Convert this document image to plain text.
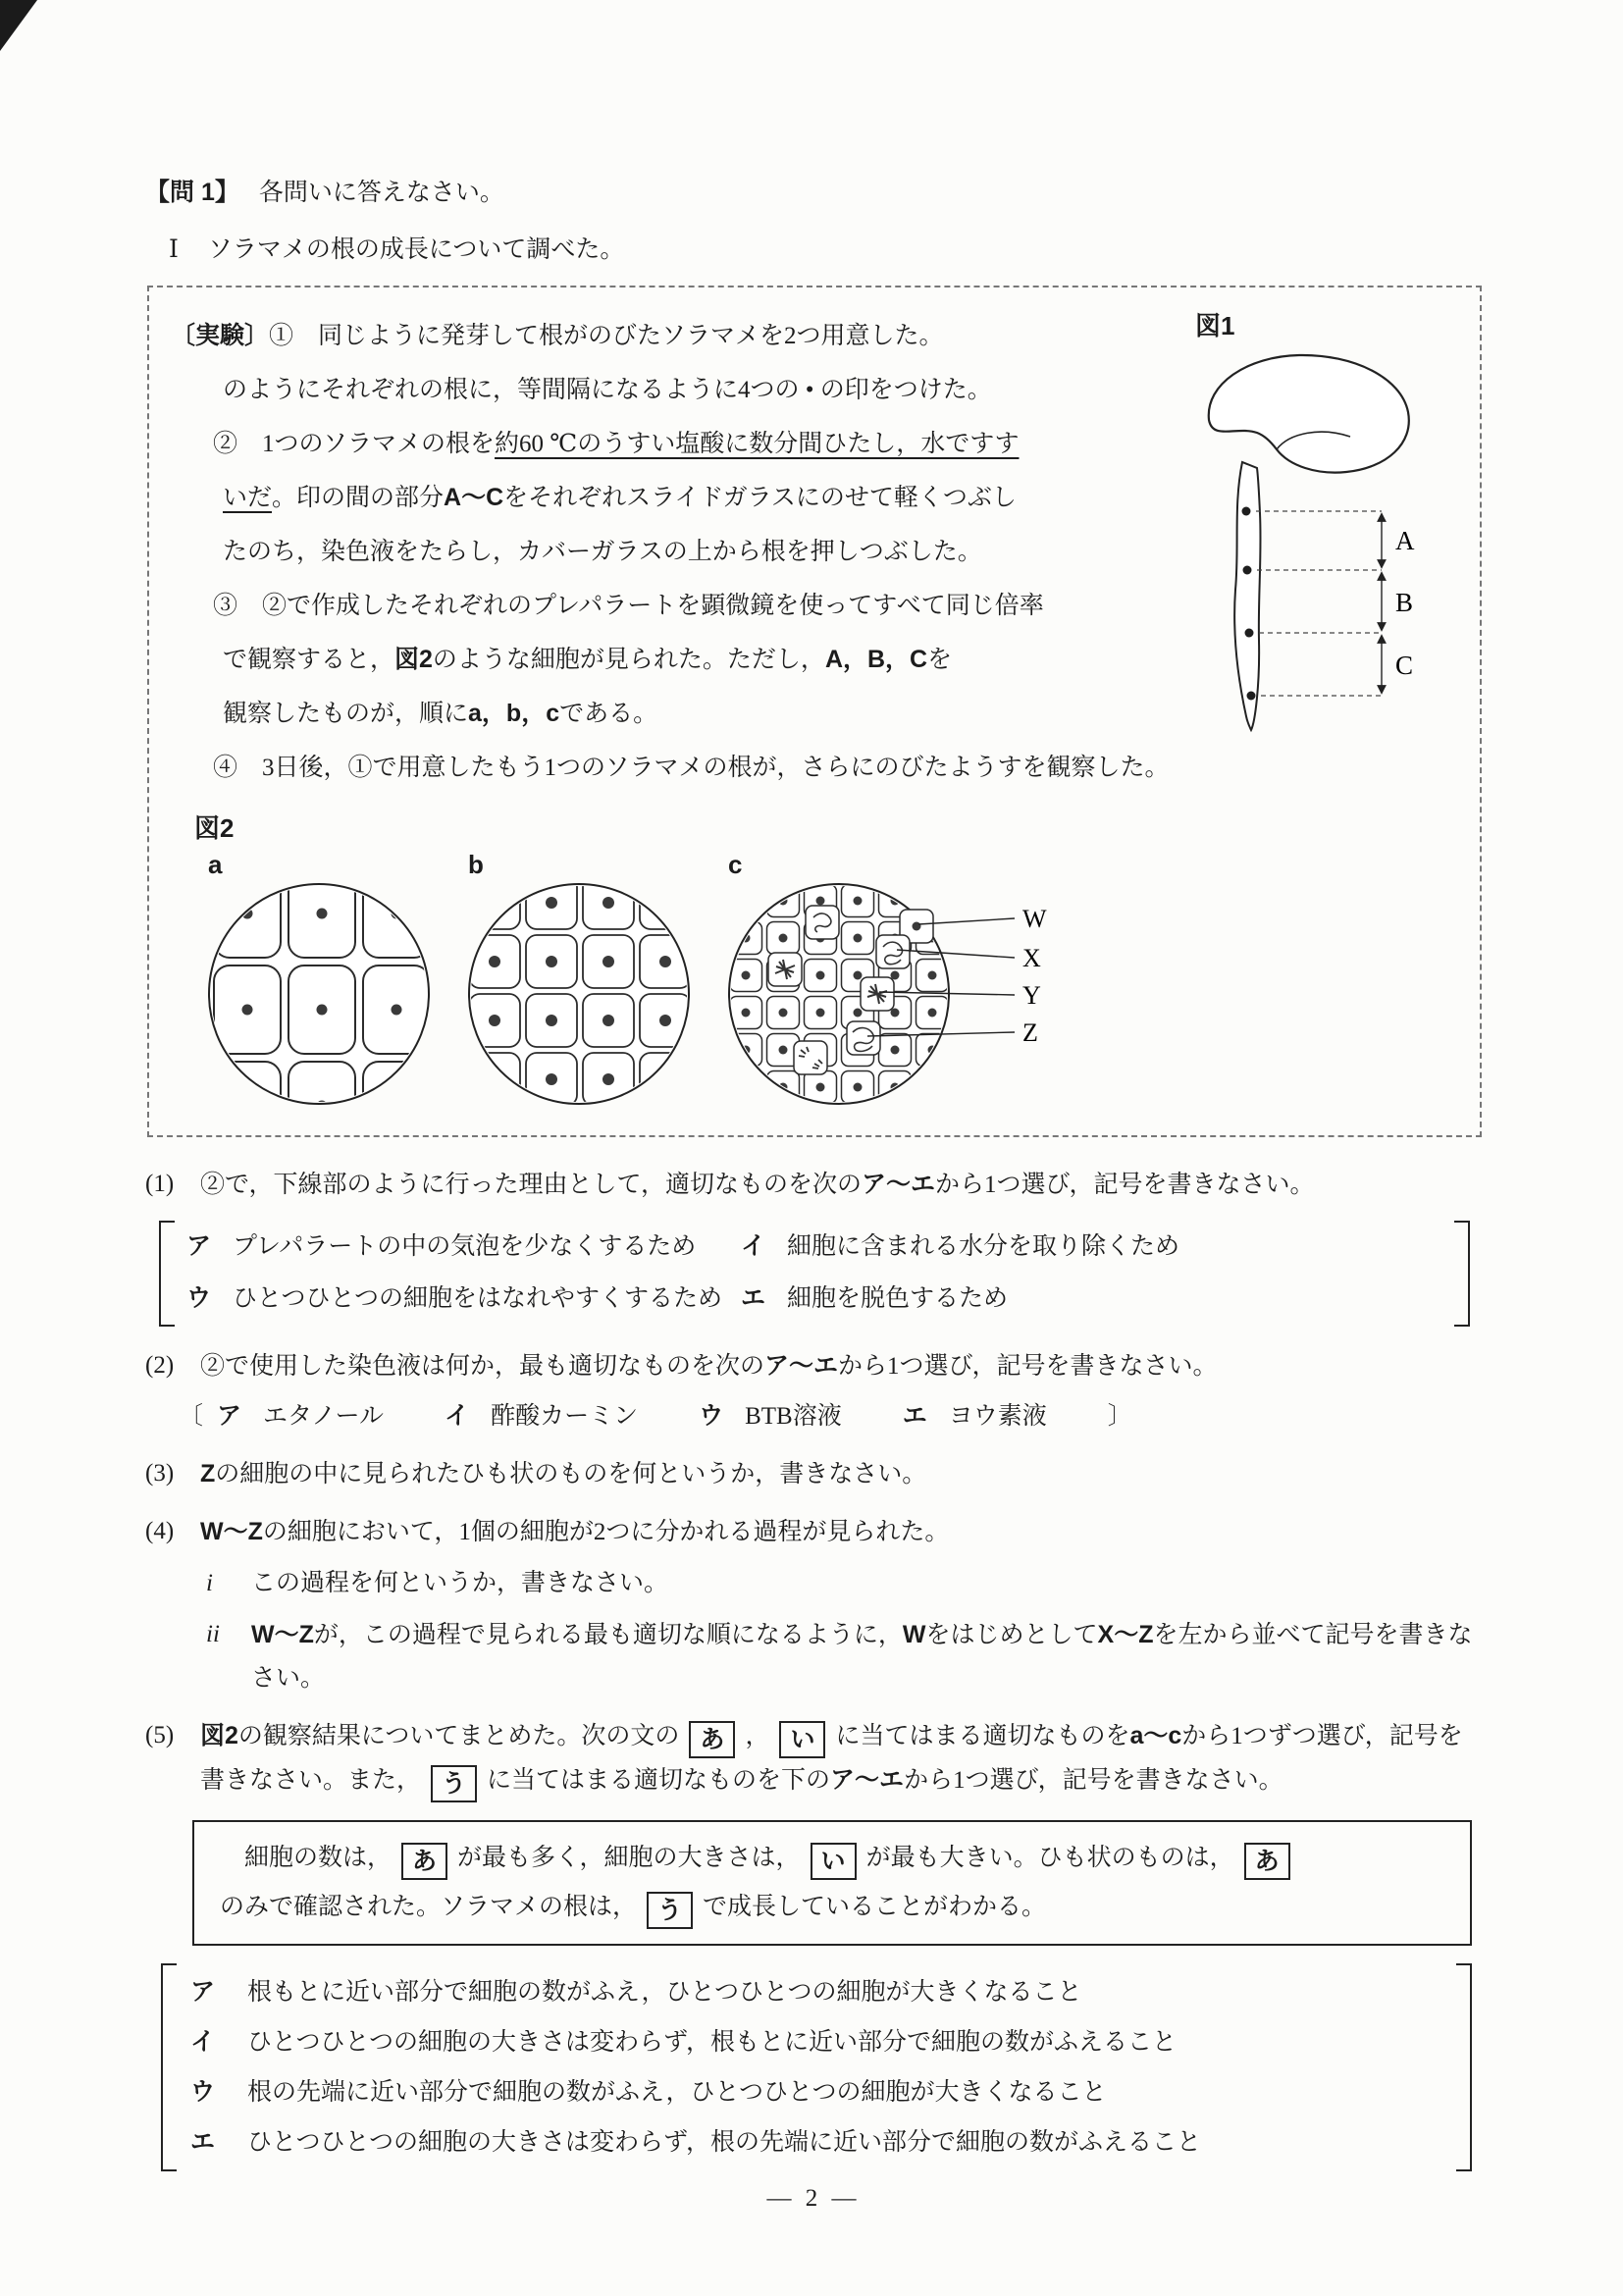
【問 1】 各問いに答えなさい。
Ⅰ ソラマメの根の成長について調べた。
図1
A
B
C
〔実験〕①　同じように発芽して根がのびたソラマメを2つ用意した。
のようにそれぞれの根に，等間隔になるように4つの • の印をつけた。
②　1つのソラマメの根を約60 ℃のうすい塩酸に数分間ひたし，水ですす
いだ。印の間の部分A～Cをそれぞれスライドガラスにのせて軽くつぶし
たのち，染色液をたらし，カバーガラスの上から根を押しつぶした。
③　②で作成したそれぞれのプレパラートを顕微鏡を使ってすべて同じ倍率
で観察すると，図2のような細胞が見られた。ただし，A，B，Cを
観察したものが，順にa，b，cである。
④　3日後，①で用意したもう1つのソラマメの根が，さらにのびたようすを観察した。
図2
a	b	c
W
X
Y
Z
(1)	②で，下線部のように行った理由として，適切なものを次のア～エから1つ選び，記号を書きなさい。
ア プレパラートの中の気泡を少なくするため	イ 細胞に含まれる水分を取り除くため
ウ ひとつひとつの細胞をはなれやすくするため エ 細胞を脱色するため
(2)	②で使用した染色液は何か，最も適切なものを次のア～エから1つ選び，記号を書きなさい。
〔 ア エタノール イ 酢酸カーミン ウ BTB溶液 エ ヨウ素液 〕
(3)	Zの細胞の中に見られたひも状のものを何というか，書きなさい。
(4)	W～Zの細胞において，1個の細胞が2つに分かれる過程が見られた。
i	この過程を何というか，書きなさい。
ii	W～Zが，この過程で見られる最も適切な順になるように，WをはじめとしてX～Zを左から並べて記号を書きなさい。
(5)	図2の観察結果についてまとめた。次の文の あ ， い に当てはまる適切なものをa～cから1つずつ選び，記号を書きなさい。また， う に当てはまる適切なものを下のア～エから1つ選び，記号を書きなさい。
　細胞の数は， あ が最も多く，細胞の大きさは， い が最も大きい。ひも状のものは， あ
のみで確認された。ソラマメの根は， う で成長していることがわかる。
ア	根もとに近い部分で細胞の数がふえ，ひとつひとつの細胞が大きくなること
イ	ひとつひとつの細胞の大きさは変わらず，根もとに近い部分で細胞の数がふえること
ウ	根の先端に近い部分で細胞の数がふえ，ひとつひとつの細胞が大きくなること
エ	ひとつひとつの細胞の大きさは変わらず，根の先端に近い部分で細胞の数がふえること
― 2 ―
